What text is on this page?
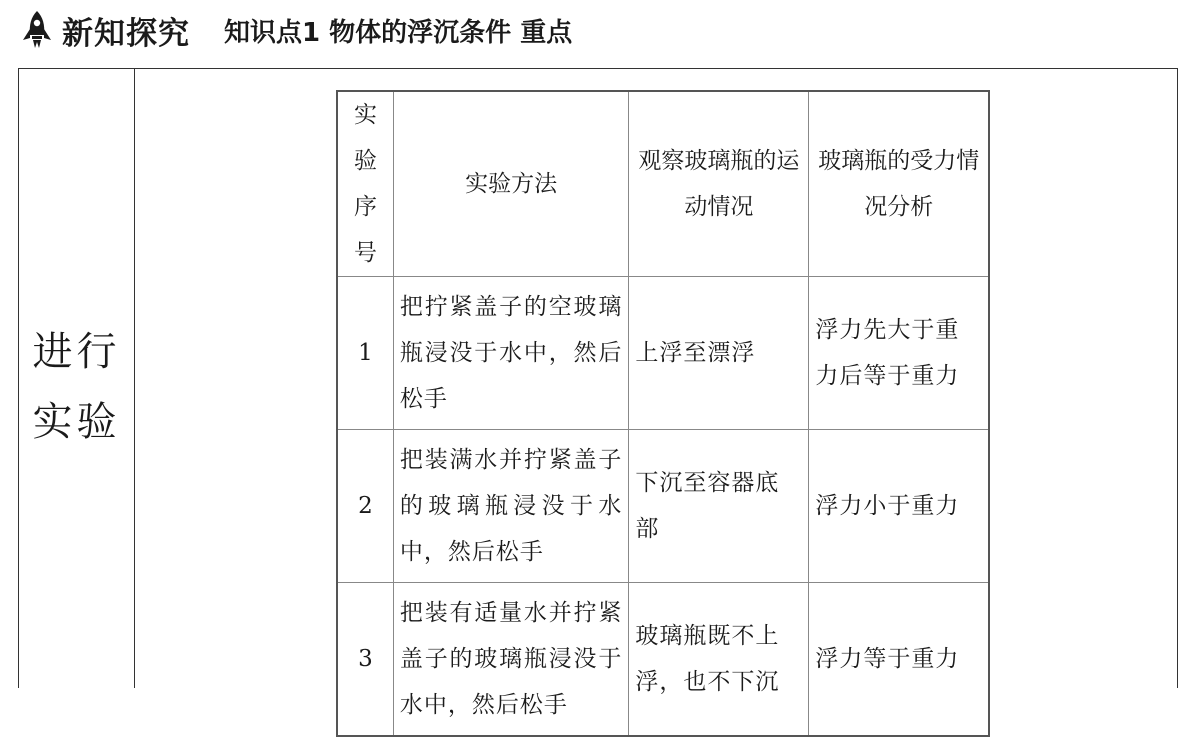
新知探究 知识点1 物体的浮沉条件 重点
进行
实验
实验序号	实验方法	观察玻璃瓶的运动情况	玻璃瓶的受力情况分析
1	把拧紧盖子的空玻璃瓶浸没于水中，然后松手	上浮至漂浮	浮力先大于重力后等于重力
2	把装满水并拧紧盖子的玻璃瓶浸没于水中，然后松手	下沉至容器底部	浮力小于重力
3	把装有适量水并拧紧盖子的玻璃瓶浸没于水中，然后松手	玻璃瓶既不上浮，也不下沉	浮力等于重力
